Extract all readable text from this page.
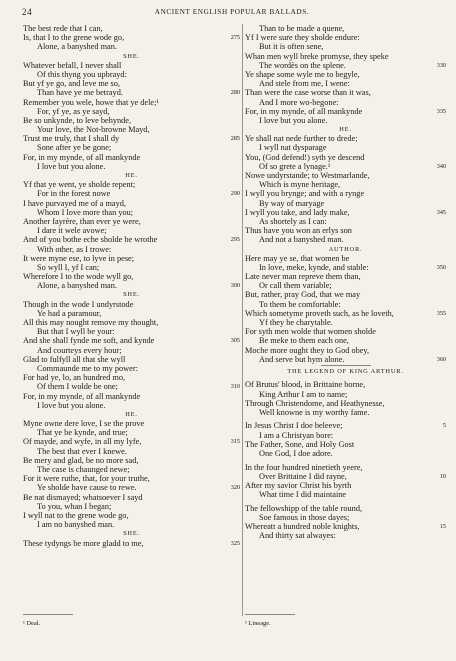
24	ANCIENT ENGLISH POPULAR BALLADS.
The best rede that I can,
Is, that I to the grene wode go,	275
Alone, a banyshed man.
SHE.
Whatever befall, I never shall
Of this thyng you upbrayd:
But yf ye go, and leve me so,
Than have ye me betrayd.	280
Remember you wele, howe that ye dele;¹
For, yf ye, as ye sayd,
Be so unkynde, to leve behynde,
Your love, the Not-browne Mayd,
Trust me truly, that I shall dy	285
Sone after ye be gone;
For, in my mynde, of all mankynde
I love but you alone.
HE.
Yf that ye went, ye sholde repent;
For in the forest nowe	290
I have purvayed me of a mayd,
Whom I love more than you;
Another fayrère, than ever ye were,
I dare it wele avowe;
And of you bothe eche sholde be wrothe	295
With other, as I trowe:
It were myne ese, to lyve in pese;
So wyll I, yf I can;
Wherefore I to the wode wyll go,
Alone, a banyshed man.	300
SHE.
Though in the wode I undyrstode
Ye had a paramour,
All this may nought remove my thought,
But that I wyll be your:
And she shall fynde me soft, and kynde	305
And courteys every hour;
Glad to fulfyll all that she wyll
Commaunde me to my power:
For had ye, lo, an hundred mo,
Of them I wolde be one;	310
For, in my mynde, of all mankynde
I love but you alone.
HE.
Myne owne dere love, I se the prove
That ye be kynde, and true;
Of mayde, and wyfe, in all my lyfe,	315
The best that ever I knewe.
Be mery and glad, be no more sad,
The case is chaunged newe;
For it were ruthe, that, for your truthe,
Ye sholde have cause to rewe.	320
Be nat dismayed; whatsoever I sayd
To you, whan I began;
I wyll nat to the grene wode go,
I am no banyshed man.
SHE.
These tydyngs be more gladd to me,	325
Than to be made a quene,
Yf I were sure they sholde endure:
But it is often sene,
Whan men wyll breke promyse, they speke
The wordès on the splene.	330
Ye shape some wyle me to begyle,
And stele from me, I wene:
Than were the case worse than it was,
And I more wo-begone:
For, in my mynde, of all mankynde	335
I love but you alone.
HE.
Ye shall nat nede further to drede;
I wyll nat dysparage
You, (God defend!) syth ye descend
Of so grete a lynage.¹	340
Nowe undyrstande; to Westmarlande,
Which is myne heritage,
I wyll you brynge; and with a rynge
By way of maryage
I wyll you take, and lady make,	345
As shortely as I can:
Thus have you won an erlys son
And not a banyshed man.
AUTHOR.
Here may ye se, that women be
In love, meke, kynde, and stable:	350
Late never man repreve them than,
Or call them variable;
But, rather, pray God, that we may
To them be comfortable:
Which sometyme proveth such, as he loveth,	355
Yf they be charytable.
For syth men wolde that women sholde
Be meke to them each one,
Moche more ought they to God obey,
And serve but hym alone.	360
THE LEGEND OF KING ARTHUR.
Of Brutus' blood, in Brittaine borne,
King Arthur I am to name;
Through Christendome, and Heathynesse,
Well knowne is my worthy fame.
In Jesus Christ I doe beleeve;	5
I am a Christyan bore:
The Father, Sone, and Holy Gost
One God, I doe adore.
In the four hundred ninetieth yeere,
Over Brittaine I did rayne,	10
After my savior Christ his byrth
What time I did maintaine
The fellowshipp of the table round,
Soe famous in those dayes;
Whereatt a hundred noble knights,	15
And thirty sat alwayes:
¹ Deal.	¹ Lineage.
